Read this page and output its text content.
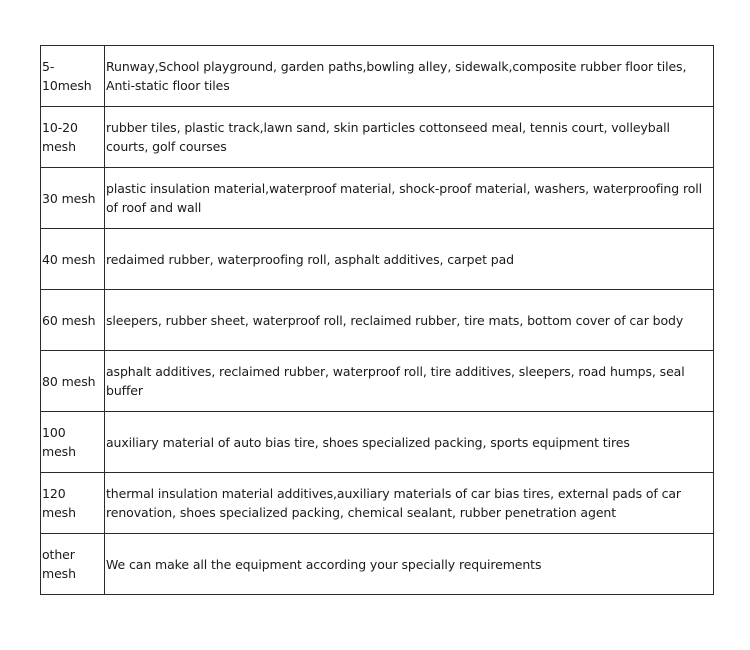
5-10mesh	Runway,School playground, garden paths,bowling alley, sidewalk,composite rubber floor tiles, Anti-static floor tiles
10-20 mesh	rubber tiles, plastic track,lawn sand, skin particles cottonseed meal, tennis court, volleyball courts, golf courses
30 mesh	plastic insulation material,waterproof material, shock-proof material, washers, waterproofing roll of roof and wall
40 mesh	redaimed rubber, waterproofing roll, asphalt additives, carpet pad
60 mesh	sleepers, rubber sheet, waterproof roll, reclaimed rubber, tire mats, bottom cover of car body
80 mesh	asphalt additives, reclaimed rubber, waterproof roll, tire additives, sleepers, road humps, seal buffer
100 mesh	auxiliary material of auto bias tire, shoes specialized packing, sports equipment tires
120 mesh	thermal insulation material additives,auxiliary materials of car bias tires, external pads of car renovation, shoes specialized packing, chemical sealant, rubber penetration agent
other mesh	We can make all the equipment according your specially requirements
